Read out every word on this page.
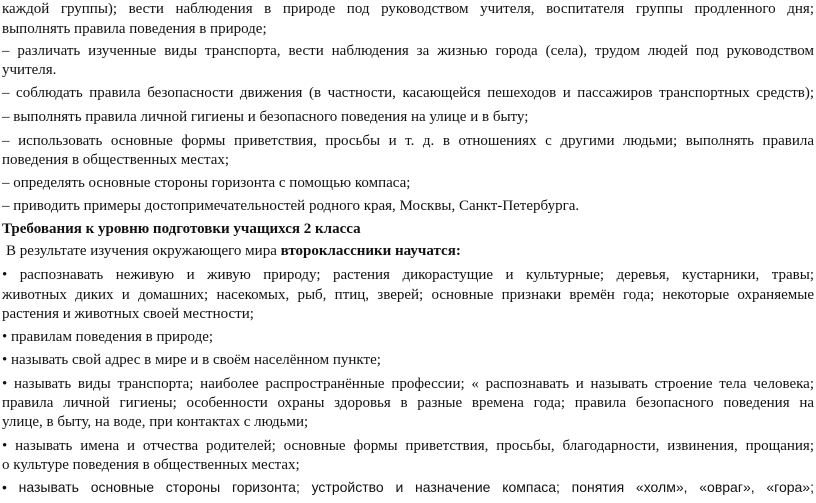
каждой группы); вести наблюдения в природе под руководством учителя, воспитателя группы продленного дня;
выполнять правила поведения в природе;
– различать изученные виды транспорта, вести наблюдения за жизнью города (села), трудом людей под руководством
учителя.
– соблюдать правила безопасности движения (в частности, касающейся пешеходов и пассажиров транспортных средств);
– выполнять правила личной гигиены и безопасного поведения на улице и в быту;
– использовать основные формы приветствия, просьбы и т. д. в отношениях с другими людьми; выполнять правила
поведения в общественных местах;
– определять основные стороны горизонта с помощью компаса;
– приводить примеры достопримечательностей родного края, Москвы, Санкт-Петербурга.
Требования к уровню подготовки учащихся 2 класса
В результате изучения окружающего мира второклассники научатся:
• распознавать неживую и живую природу; растения дикорастущие и культурные; деревья, кустарники, травы;
животных диких и домашних; насекомых, рыб, птиц, зверей; основные признаки времён года; некоторые охраняемые
растения и животных своей местности;
• правилам поведения в природе;
• называть свой адрес в мире и в своём населённом пункте;
• называть виды транспорта; наиболее распространённые профессии; « распознавать и называть строение тела человека;
правила личной гигиены; особенности охраны здоровья в разные времена года; правила безопасного поведения на
улице, в быту, на воде, при контактах с людьми;
• называть имена и отчества родителей; основные формы приветствия, просьбы, благодарности, извинения, прощания;
о культуре поведения в общественных местах;
• называть основные стороны горизонта; устройство и назначение компаса; понятия «холм», «овраг», «гора»;
